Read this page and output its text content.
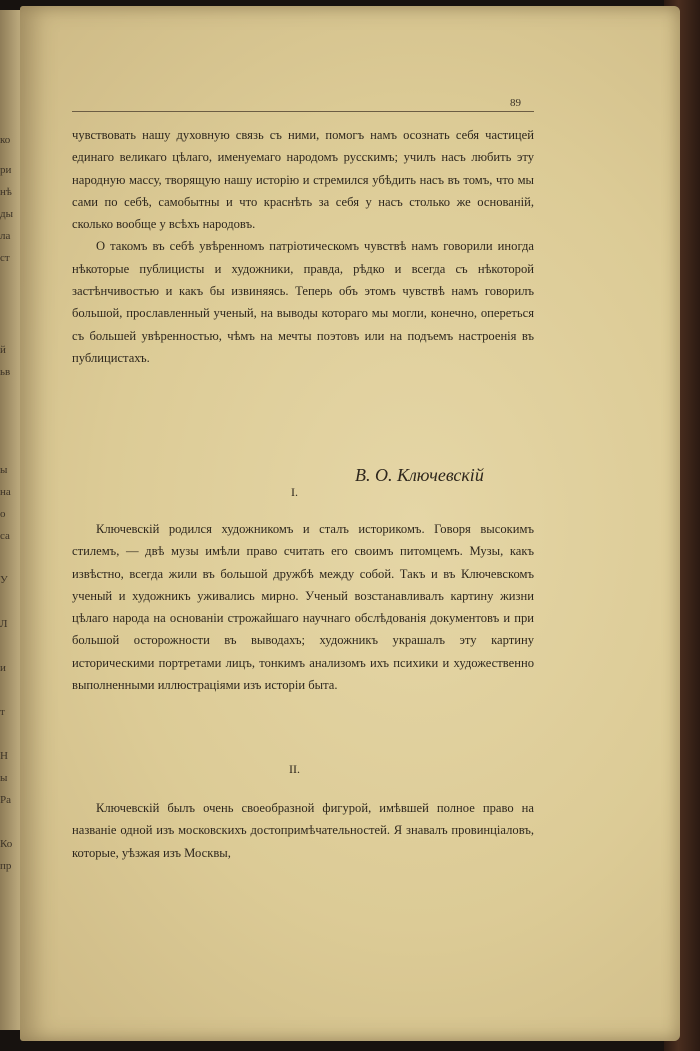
ко
ри
нѣ
ды
ла
ст
й
ьв
ы
на
о
са
У
Л
и
т
Н
ы
Ра
Ко
пр
89

чувствовать нашу духовную связь съ ними, помогъ намъ осознать себя частицей единаго великаго цѣлаго, именуемаго народомъ русскимъ; училъ насъ любить эту народную массу, творящую нашу исторію и стремился убѣдить насъ въ томъ, что мы сами по себѣ, самобытны и что краснѣть за себя у насъ столько же основаній, сколько вообще у всѣхъ народовъ.

О такомъ въ себѣ увѣренномъ патріотическомъ чувствѣ намъ говорили иногда нѣкоторые публицисты и художники, правда, рѣдко и всегда съ нѣкоторой застѣнчивостью и какъ бы извиняясь. Теперь объ этомъ чувствѣ намъ говорилъ большой, прославленный ученый, на выводы котораго мы могли, конечно, опереться съ большей увѣренностью, чѣмъ на мечты поэтовъ или на подъемъ настроенія въ публицистахъ.

В. О. Ключевскій
I.

Ключевскій родился художникомъ и сталъ историкомъ. Говоря высокимъ стилемъ, — двѣ музы имѣли право считать его своимъ питомцемъ. Музы, какъ извѣстно, всегда жили въ большой дружбѣ между собой. Такъ и въ Ключевскомъ ученый и художникъ уживались мирно. Ученый возстанавливалъ картину жизни цѣлаго народа на основаніи строжайшаго научнаго обслѣдованія документовъ и при большой осторожности въ выводахъ; художникъ украшалъ эту картину историческими портретами лицъ, тонкимъ анализомъ ихъ психики и художественно выполненными иллюстраціями изъ исторіи быта.

II.

Ключевскій былъ очень своеобразной фигурой, имѣвшей полное право на названіе одной изъ московскихъ достопримѣчательностей. Я знавалъ провинціаловъ, которые, уѣзжая изъ Москвы,
